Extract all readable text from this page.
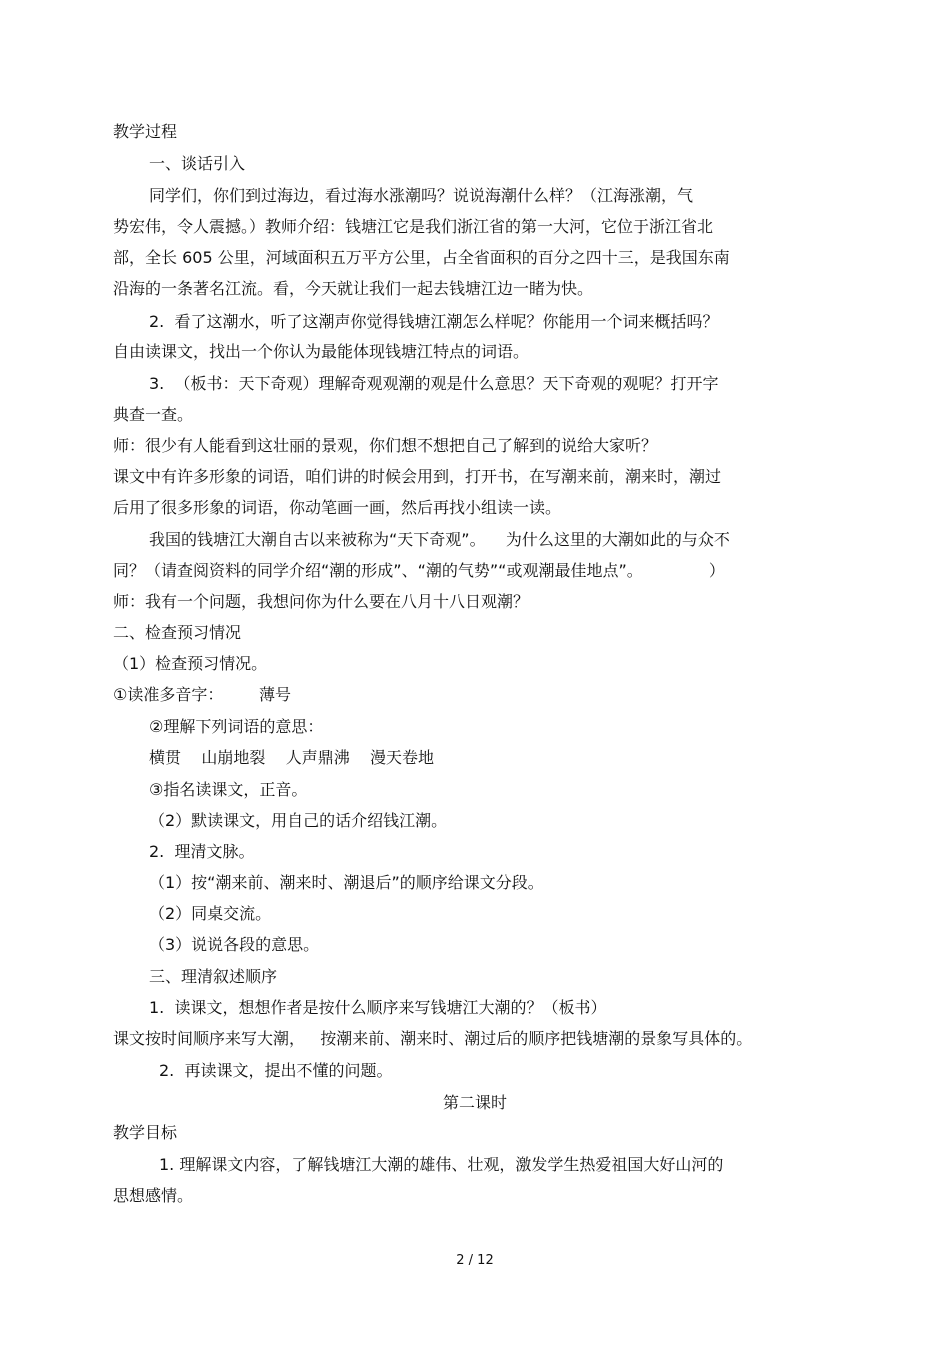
教学过程

一、谈话引入

同学们，你们到过海边，看过海水涨潮吗？说说海潮什么样？（江海涨潮，气

势宏伟，令人震撼。）教师介绍：钱塘江它是我们浙江省的第一大河，它位于浙江省北

部，全长 605 公里，河域面积五万平方公里，占全省面积的百分之四十三，是我国东南

沿海的一条著名江流。看，今天就让我们一起去钱塘江边一睹为快。

2.  看了这潮水，听了这潮声你觉得钱塘江潮怎么样呢？你能用一个词来概括吗？

自由读课文，找出一个你认为最能体现钱塘江特点的词语。

3.  （板书：天下奇观）理解奇观观潮的观是什么意思？天下奇观的观呢？打开字

典查一查。

师：很少有人能看到这壮丽的景观，你们想不想把自己了解到的说给大家听？

课文中有许多形象的词语，咱们讲的时候会用到，打开书，在写潮来前，潮来时，潮过

后用了很多形象的词语，你动笔画一画，然后再找小组读一读。

我国的钱塘江大潮自古以来被称为“天下奇观”。    为什么这里的大潮如此的与众不

同？（请查阅资料的同学介绍“潮的形成”、“潮的气势”“或观潮最佳地点”。             ）

师：我有一个问题，我想问你为什么要在八月十八日观潮？

二、检查预习情况

（1）检查预习情况。

①读准多音字：       薄号

②理解下列词语的意思：

横贯    山崩地裂    人声鼎沸    漫天卷地

③指名读课文，正音。

（2）默读课文，用自己的话介绍钱江潮。

2.  理清文脉。

（1）按“潮来前、潮来时、潮退后”的顺序给课文分段。

（2）同桌交流。

（3）说说各段的意思。

三、理清叙述顺序

1.  读课文，想想作者是按什么顺序来写钱塘江大潮的？（板书）

课文按时间顺序来写大潮，   按潮来前、潮来时、潮过后的顺序把钱塘潮的景象写具体的。

2.  再读课文，提出不懂的问题。

第二课时

教学目标

1. 理解课文内容，了解钱塘江大潮的雄伟、壮观，激发学生热爱祖国大好山河的

思想感情。

2 / 12
